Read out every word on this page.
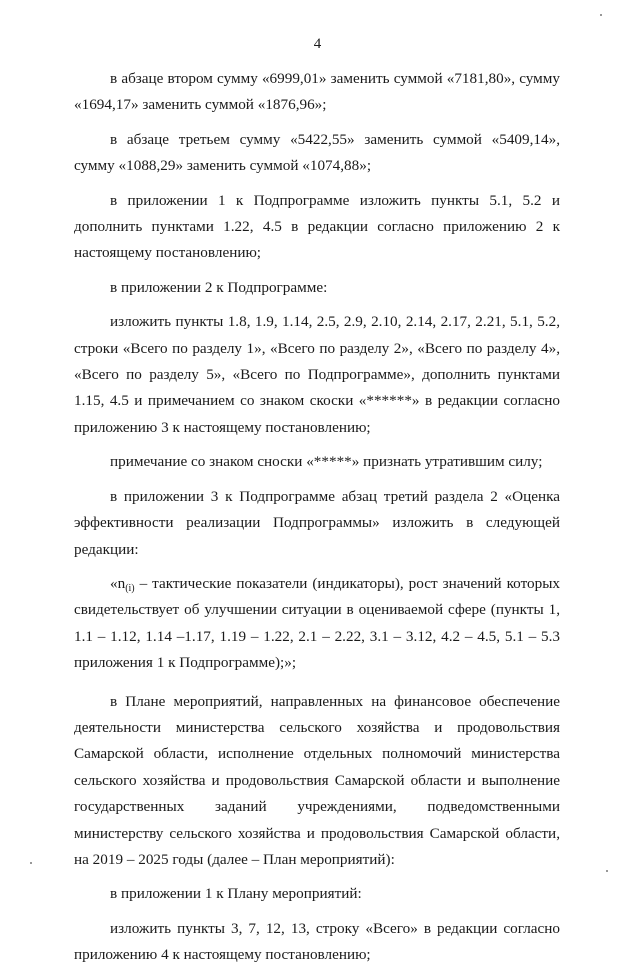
4

в абзаце втором сумму «6999,01» заменить суммой «7181,80», сумму «1694,17» заменить суммой «1876,96»;

в абзаце третьем сумму «5422,55» заменить суммой «5409,14», сумму «1088,29» заменить суммой «1074,88»;

в приложении 1 к Подпрограмме изложить пункты 5.1, 5.2 и дополнить пунктами 1.22, 4.5 в редакции согласно приложению 2 к настоящему постановлению;

в приложении 2 к Подпрограмме:

изложить пункты 1.8, 1.9, 1.14, 2.5, 2.9, 2.10, 2.14, 2.17, 2.21, 5.1, 5.2, строки «Всего по разделу 1», «Всего по разделу 2», «Всего по разделу 4», «Всего по разделу 5», «Всего по Подпрограмме», дополнить пунктами 1.15, 4.5 и примечанием со знаком скоски «******» в редакции согласно приложению 3 к настоящему постановлению;

примечание со знаком сноски «*****» признать утратившим силу;

в приложении 3 к Подпрограмме абзац третий раздела 2 «Оценка эффективности реализации Подпрограммы» изложить в следующей редакции:

«$n_{(i)}$ – тактические показатели (индикаторы), рост значений которых свидетельствует об улучшении ситуации в оцениваемой сфере (пункты 1, 1.1 – 1.12, 1.14 –1.17, 1.19 – 1.22, 2.1 – 2.22, 3.1 – 3.12, 4.2 – 4.5, 5.1 – 5.3 приложения 1 к Подпрограмме);»;

в Плане мероприятий, направленных на финансовое обеспечение деятельности министерства сельского хозяйства и продовольствия Самарской области, исполнение отдельных полномочий министерства сельского хозяйства и продовольствия Самарской области и выполнение государственных заданий учреждениями, подведомственными министерству сельского хозяйства и продовольствия Самарской области, на 2019 – 2025 годы (далее – План мероприятий):

в приложении 1 к Плану мероприятий:

изложить пункты 3, 7, 12, 13, строку «Всего» в редакции согласно приложению 4 к настоящему постановлению;
